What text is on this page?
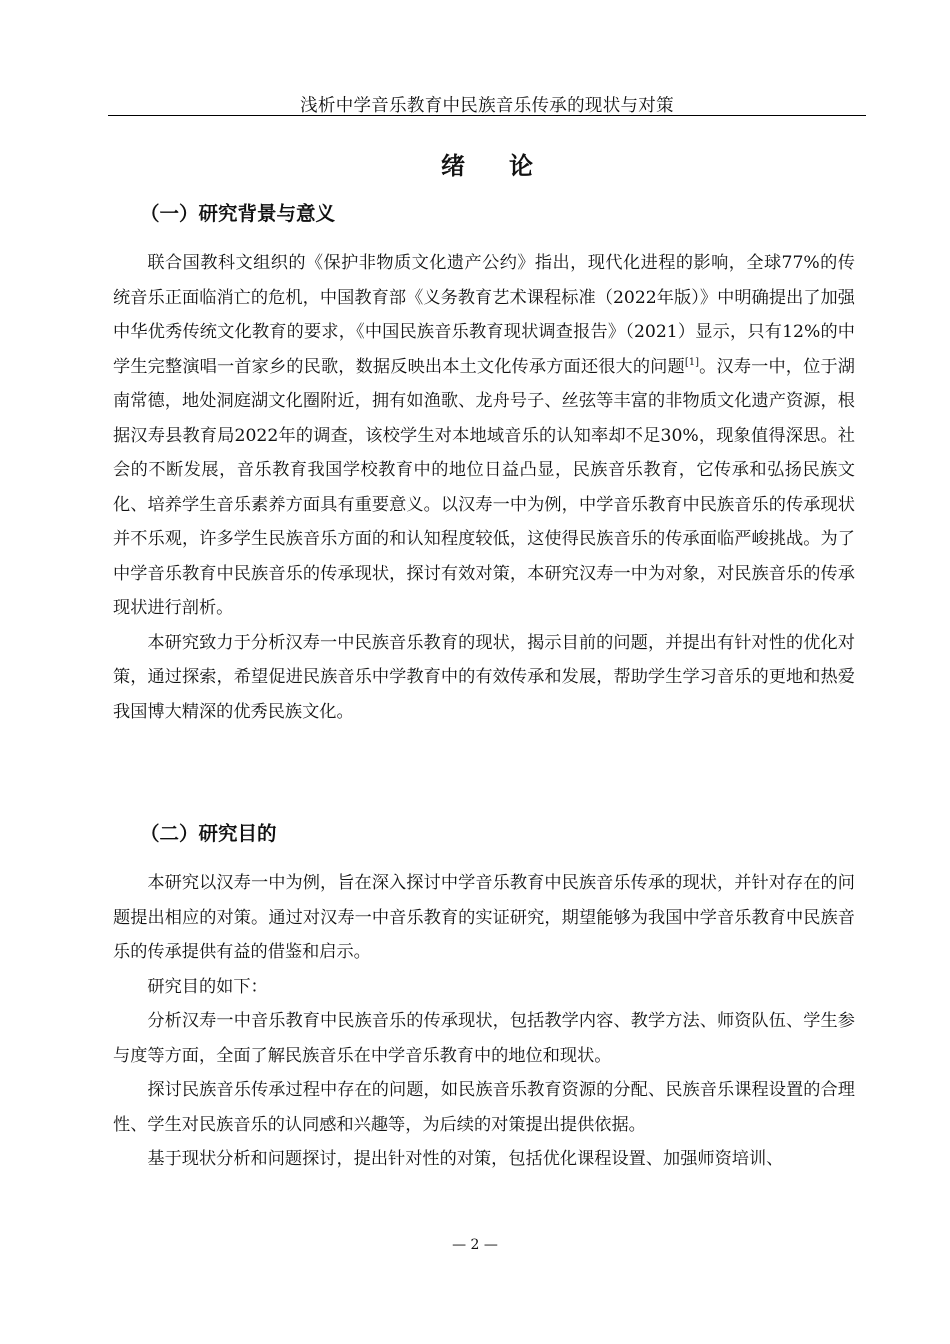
浅析中学音乐教育中民族音乐传承的现状与对策
绪论
（一）研究背景与意义

联合国教科文组织的《保护非物质文化遗产公约》指出，现代化进程的影响，全球77%的传统音乐正面临消亡的危机，中国教育部《义务教育艺术课程标准（2022年版）》中明确提出了加强中华优秀传统文化教育的要求，《中国民族音乐教育现状调查报告》（2021）显示，只有12%的中学生完整演唱一首家乡的民歌，数据反映出本土文化传承方面还很大的问题[1]。汉寿一中，位于湖南常德，地处洞庭湖文化圈附近，拥有如渔歌、龙舟号子、丝弦等丰富的非物质文化遗产资源，根据汉寿县教育局2022年的调查，该校学生对本地域音乐的认知率却不足30%，现象值得深思。社会的不断发展，音乐教育我国学校教育中的地位日益凸显，民族音乐教育，它传承和弘扬民族文化、培养学生音乐素养方面具有重要意义。以汉寿一中为例，中学音乐教育中民族音乐的传承现状并不乐观，许多学生民族音乐方面的和认知程度较低，这使得民族音乐的传承面临严峻挑战。为了中学音乐教育中民族音乐的传承现状，探讨有效对策，本研究汉寿一中为对象，对民族音乐的传承现状进行剖析。

本研究致力于分析汉寿一中民族音乐教育的现状，揭示目前的问题，并提出有针对性的优化对策，通过探索，希望促进民族音乐中学教育中的有效传承和发展，帮助学生学习音乐的更地和热爱我国博大精深的优秀民族文化。

（二）研究目的

本研究以汉寿一中为例，旨在深入探讨中学音乐教育中民族音乐传承的现状，并针对存在的问题提出相应的对策。通过对汉寿一中音乐教育的实证研究，期望能够为我国中学音乐教育中民族音乐的传承提供有益的借鉴和启示。

研究目的如下：

分析汉寿一中音乐教育中民族音乐的传承现状，包括教学内容、教学方法、师资队伍、学生参与度等方面，全面了解民族音乐在中学音乐教育中的地位和现状。

探讨民族音乐传承过程中存在的问题，如民族音乐教育资源的分配、民族音乐课程设置的合理性、学生对民族音乐的认同感和兴趣等，为后续的对策提出提供依据。

基于现状分析和问题探讨，提出针对性的对策，包括优化课程设置、加强师资培训、

— 2 —
